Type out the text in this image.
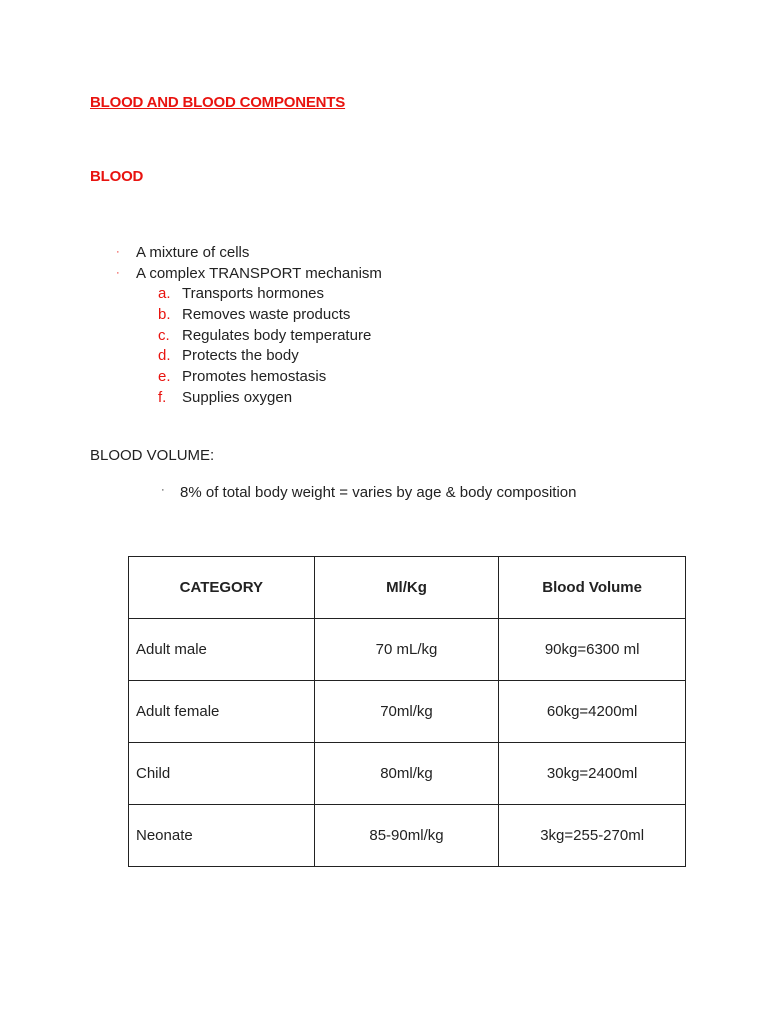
BLOOD AND BLOOD COMPONENTS
BLOOD
· A mixture of cells
· A complex TRANSPORT mechanism
a. Transports hormones
b. Removes waste products
c. Regulates body temperature
d. Protects the body
e. Promotes hemostasis
f. Supplies oxygen
BLOOD VOLUME:
· 8% of total body weight = varies by age & body composition
CATEGORY	Ml/Kg	Blood Volume
Adult male	70 mL/kg	90kg=6300 ml
Adult female	70ml/kg	60kg=4200ml
Child	80ml/kg	30kg=2400ml
Neonate	85-90ml/kg	3kg=255-270ml
